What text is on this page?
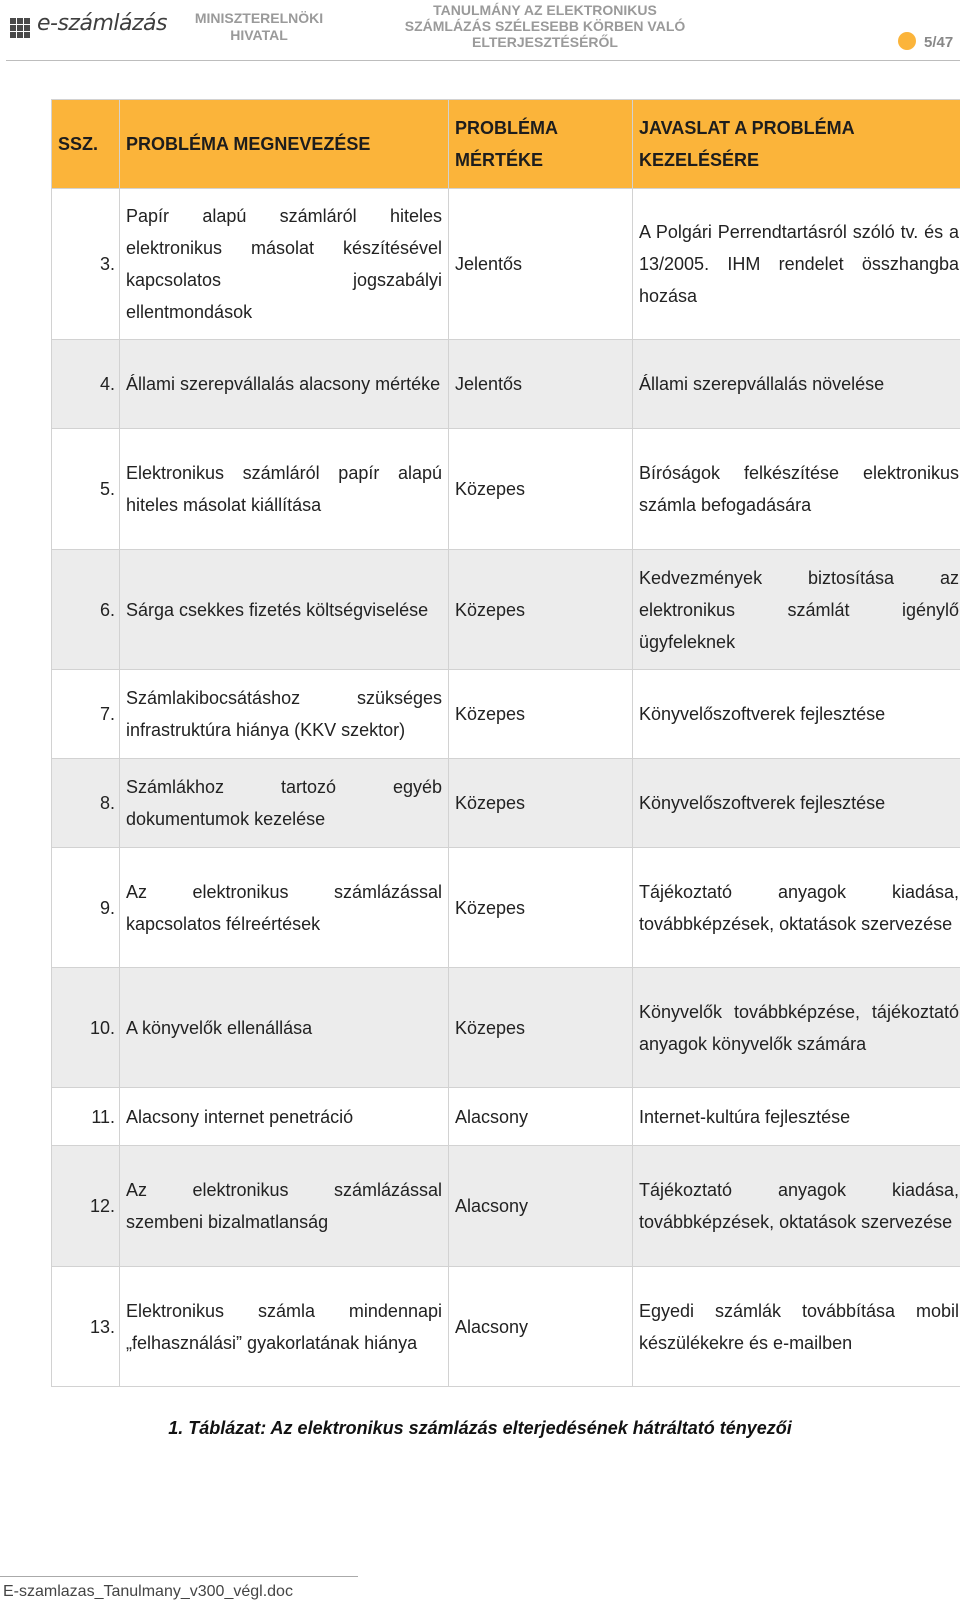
e-számlázás	MINISZTERELNÖKI HIVATAL
TANULMÁNY AZ ELEKTRONIKUS
SZÁMLÁZÁS SZÉLESEBB KÖRBEN VALÓ
ELTERJESZTÉSÉRŐL	5/47
SSZ.	PROBLÉMA MEGNEVEZÉSE	PROBLÉMA MÉRTÉKE	JAVASLAT A PROBLÉMA KEZELÉSÉRE
3.	Papír alapú számláról hiteles elektronikus másolat készítésével kapcsolatos jogszabályi ellentmondások	Jelentős	A Polgári Perrendtartásról szóló tv. és a 13/2005. IHM rendelet összhangba hozása
4.	Állami szerepvállalás alacsony mértéke	Jelentős	Állami szerepvállalás növelése
5.	Elektronikus számláról papír alapú hiteles másolat kiállítása	Közepes	Bíróságok felkészítése elektronikus számla befogadására
6.	Sárga csekkes fizetés költségviselése	Közepes	Kedvezmények biztosítása az elektronikus számlát igénylő ügyfeleknek
7.	Számlakibocsátáshoz szükséges infrastruktúra hiánya (KKV szektor)	Közepes	Könyvelőszoftverek fejlesztése
8.	Számlákhoz tartozó egyéb dokumentumok kezelése	Közepes	Könyvelőszoftverek fejlesztése
9.	Az elektronikus számlázással kapcsolatos félreértések	Közepes	Tájékoztató anyagok kiadása, továbbképzések, oktatások szervezése
10.	A könyvelők ellenállása	Közepes	Könyvelők továbbképzése, tájékoztató anyagok könyvelők számára
11.	Alacsony internet penetráció	Alacsony	Internet-kultúra fejlesztése
12.	Az elektronikus számlázással szembeni bizalmatlanság	Alacsony	Tájékoztató anyagok kiadása, továbbképzések, oktatások szervezése
13.	Elektronikus számla mindennapi „felhasználási” gyakorlatának hiánya	Alacsony	Egyedi számlák továbbítása mobil készülékekre és e-mailben
1. Táblázat: Az elektronikus számlázás elterjedésének hátráltató tényezői
E-szamlazas_Tanulmany_v300_végl.doc
